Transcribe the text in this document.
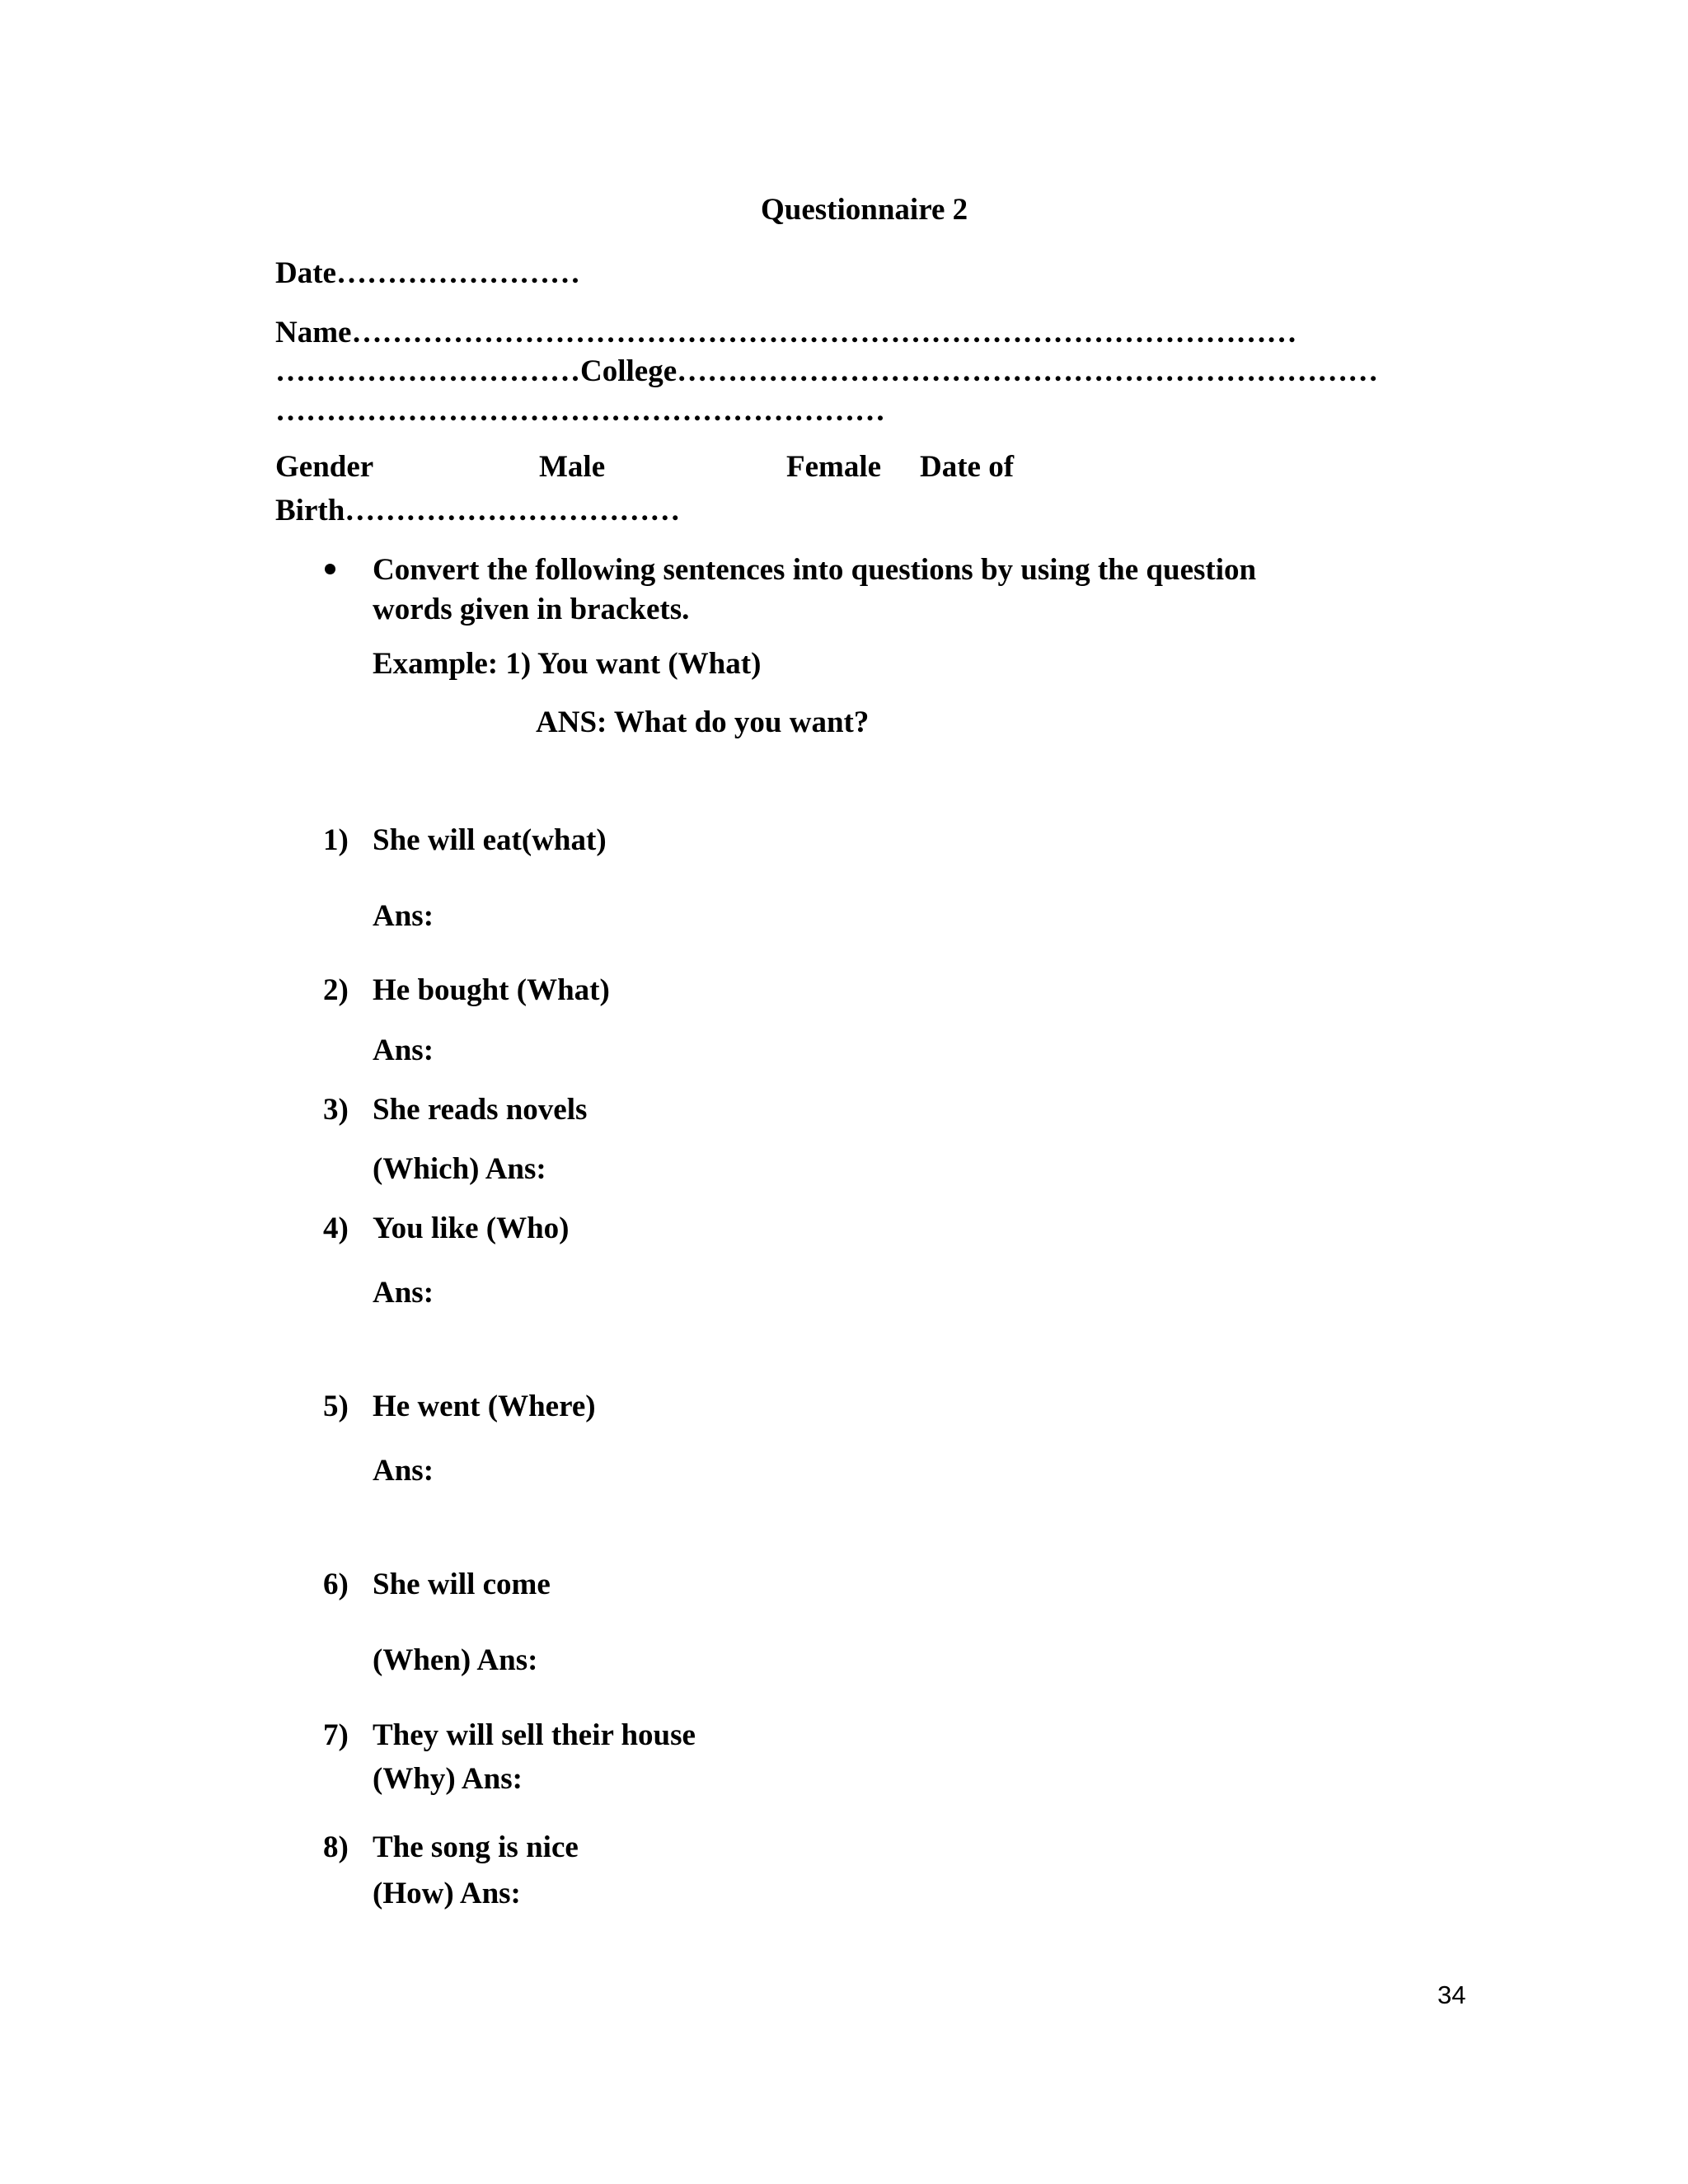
Questionnaire 2
Date……………………
Name…………………………………………………………………………………
…………………………College……………………………………………………………
……………………………………………………
Gender	Male	Female Date of
Birth……………………………
Convert the following sentences into questions by using the question
words given in brackets.
Example: 1) You want (What)
ANS: What do you want?
1) She will eat(what)
Ans:
2) He bought (What)
Ans:
3) She reads novels
(Which) Ans:
4) You like (Who)
Ans:
5) He went (Where)
Ans:
6) She will come
(When) Ans:
7) They will sell their house
(Why) Ans:
8) The song is nice
(How) Ans:
34
